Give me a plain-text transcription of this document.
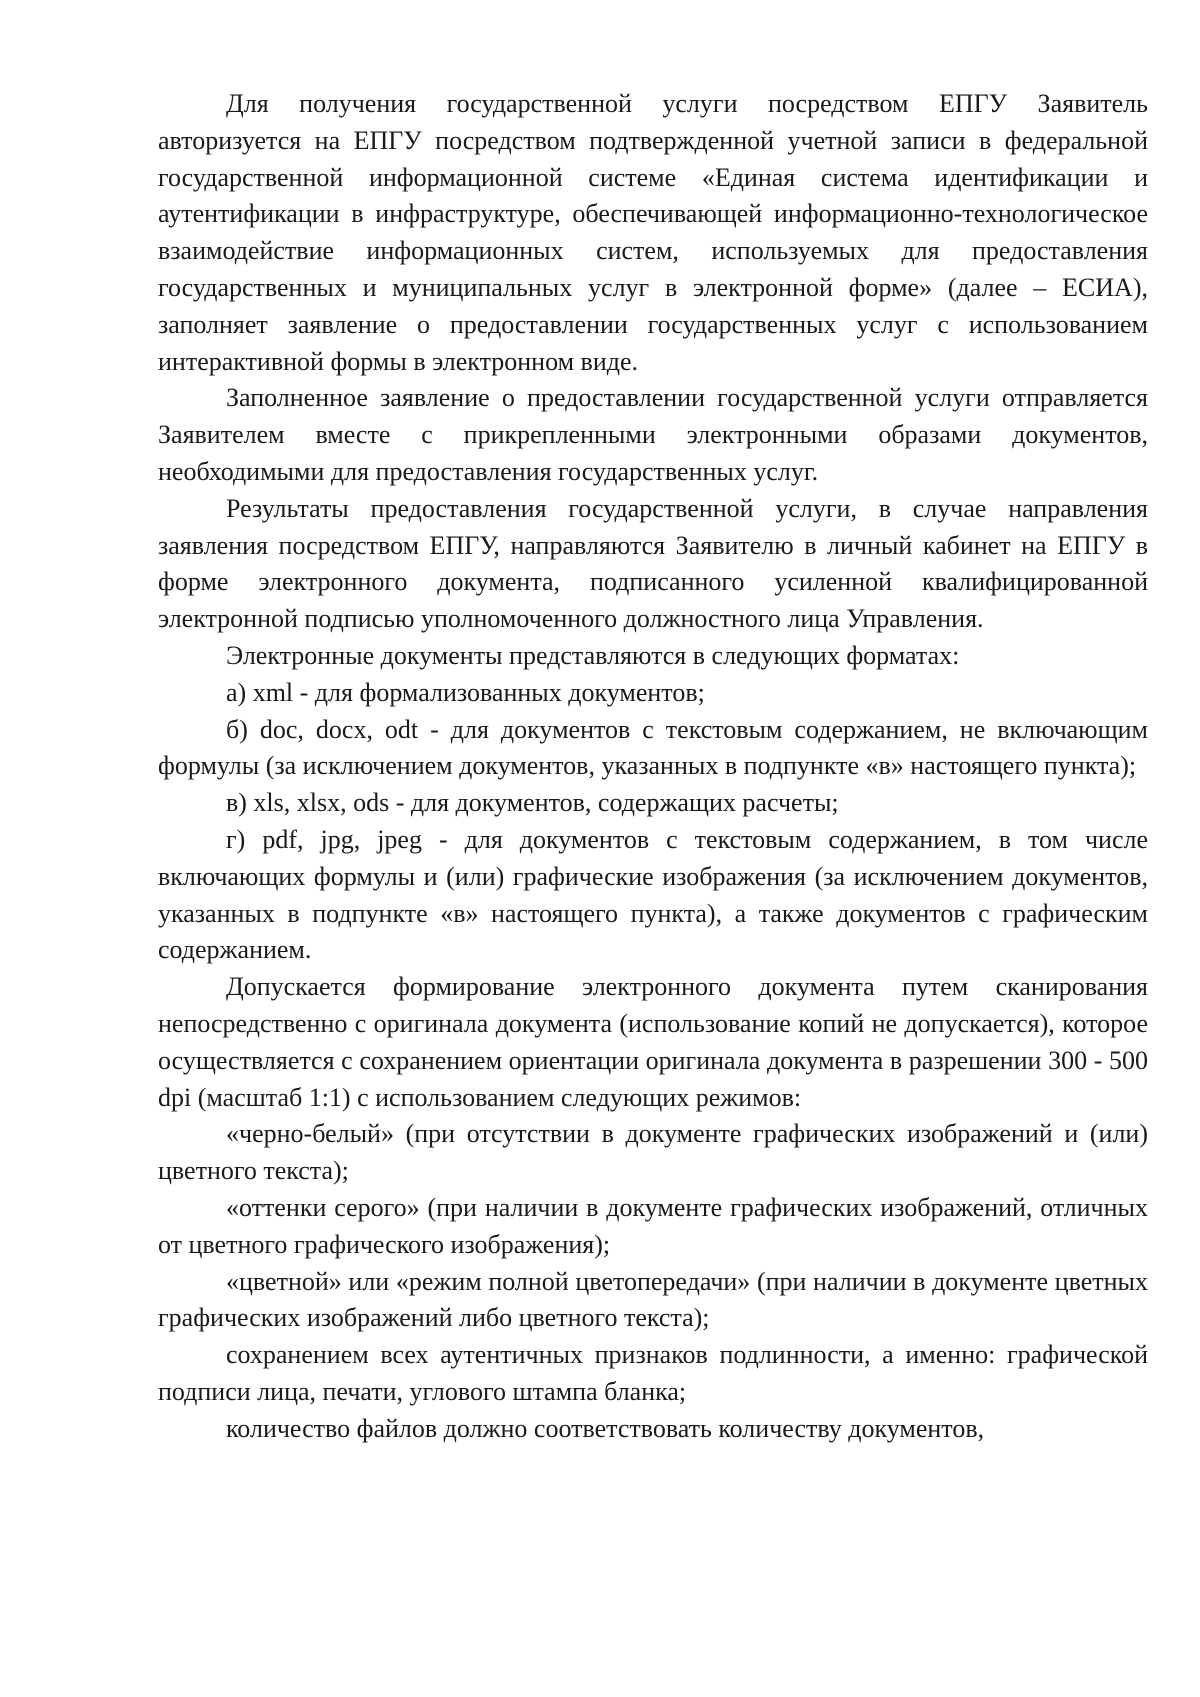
Для получения государственной услуги посредством ЕПГУ Заявитель авторизуется на ЕПГУ посредством подтвержденной учетной записи в федеральной государственной информационной системе «Единая система идентификации и аутентификации в инфраструктуре, обеспечивающей информационно-технологическое взаимодействие информационных систем, используемых для предоставления государственных и муниципальных услуг в электронной форме» (далее – ЕСИА), заполняет заявление о предоставлении государственных услуг с использованием интерактивной формы в электронном виде.

Заполненное заявление о предоставлении государственной услуги отправляется Заявителем вместе с прикрепленными электронными образами документов, необходимыми для предоставления государственных услуг.

Результаты предоставления государственной услуги, в случае направления заявления посредством ЕПГУ, направляются Заявителю в личный кабинет на ЕПГУ в форме электронного документа, подписанного усиленной квалифицированной электронной подписью уполномоченного должностного лица Управления.

Электронные документы представляются в следующих форматах:

а) xml - для формализованных документов;

б) doc, docx, odt - для документов с текстовым содержанием, не включающим формулы (за исключением документов, указанных в подпункте «в» настоящего пункта);

в) xls, xlsx, ods - для документов, содержащих расчеты;

г) pdf, jpg, jpeg - для документов с текстовым содержанием, в том числе включающих формулы и (или) графические изображения (за исключением документов, указанных в подпункте «в» настоящего пункта), а также документов с графическим содержанием.

Допускается формирование электронного документа путем сканирования непосредственно с оригинала документа (использование копий не допускается), которое осуществляется с сохранением ориентации оригинала документа в разрешении 300 - 500 dpi (масштаб 1:1) с использованием следующих режимов:

«черно-белый» (при отсутствии в документе графических изображений и (или) цветного текста);

«оттенки серого» (при наличии в документе графических изображений, отличных от цветного графического изображения);

«цветной» или «режим полной цветопередачи» (при наличии в документе цветных графических изображений либо цветного текста);

сохранением всех аутентичных признаков подлинности, а именно: графической подписи лица, печати, углового штампа бланка;

количество файлов должно соответствовать количеству документов,
